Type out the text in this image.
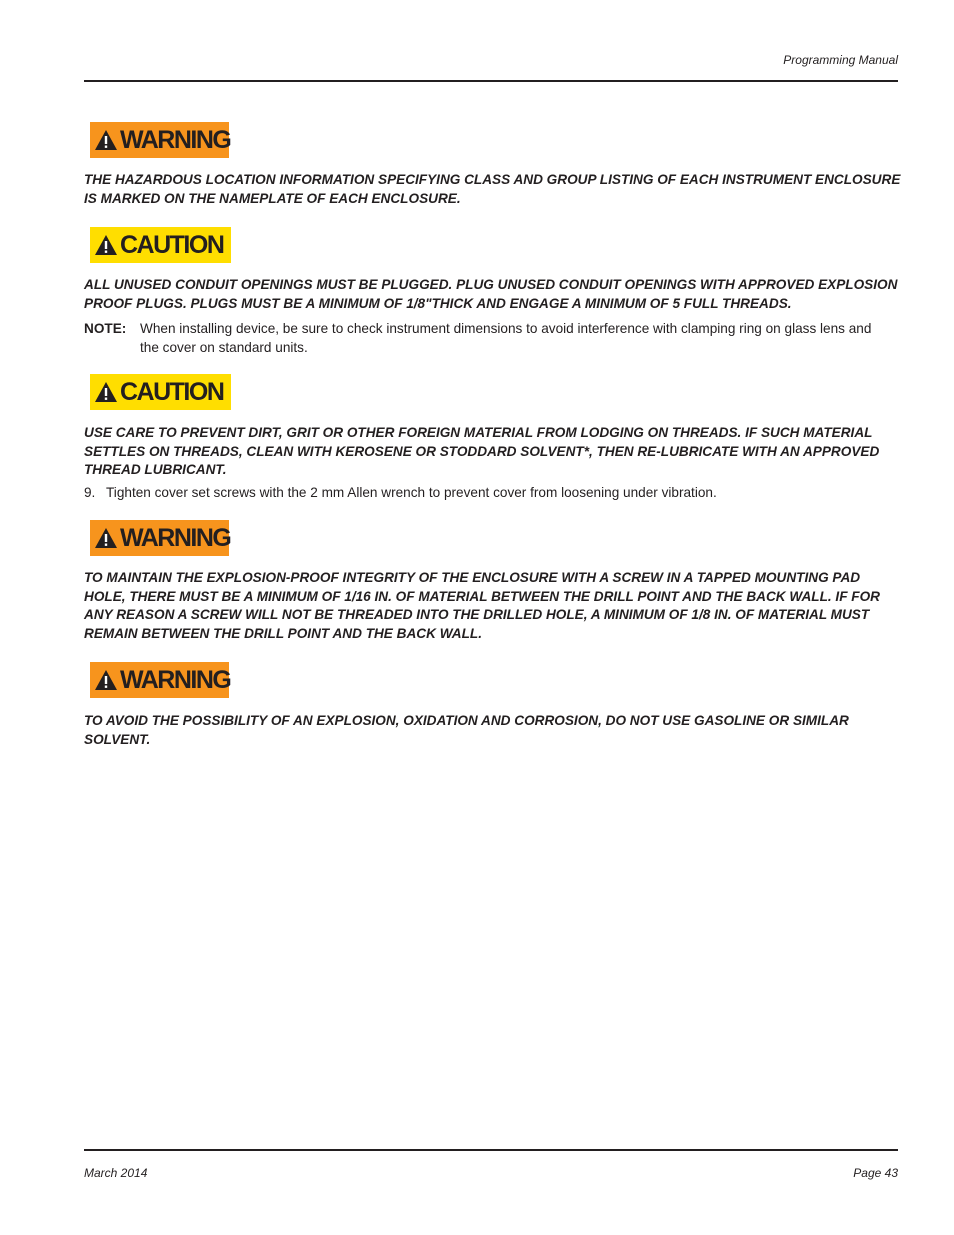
Programming Manual
WARNING
THE HAZARDOUS LOCATION INFORMATION SPECIFYING CLASS AND GROUP LISTING OF EACH INSTRUMENT ENCLOSURE IS MARKED ON THE NAMEPLATE OF EACH ENCLOSURE.
CAUTION
ALL UNUSED CONDUIT OPENINGS MUST BE PLUGGED. PLUG UNUSED CONDUIT OPENINGS WITH APPROVED EXPLOSION PROOF PLUGS. PLUGS MUST BE A MINIMUM OF 1/8"THICK AND ENGAGE A MINIMUM OF 5 FULL THREADS.
NOTE: When installing device, be sure to check instrument dimensions to avoid interference with clamping ring on glass lens and the cover on standard units.
CAUTION
USE CARE TO PREVENT DIRT, GRIT OR OTHER FOREIGN MATERIAL FROM LODGING ON THREADS. IF SUCH MATERIAL SETTLES ON THREADS, CLEAN WITH KEROSENE OR STODDARD SOLVENT*, THEN RE-LUBRICATE WITH AN APPROVED THREAD LUBRICANT.
9. Tighten cover set screws with the 2 mm Allen wrench to prevent cover from loosening under vibration.
WARNING
TO MAINTAIN THE EXPLOSION-PROOF INTEGRITY OF THE ENCLOSURE WITH A SCREW IN A TAPPED MOUNTING PAD HOLE, THERE MUST BE A MINIMUM OF 1/16 IN. OF MATERIAL BETWEEN THE DRILL POINT AND THE BACK WALL. IF FOR ANY REASON A SCREW WILL NOT BE THREADED INTO THE DRILLED HOLE, A MINIMUM OF 1/8 IN. OF MATERIAL MUST REMAIN BETWEEN THE DRILL POINT AND THE BACK WALL.
WARNING
TO AVOID THE POSSIBILITY OF AN EXPLOSION, OXIDATION AND CORROSION, DO NOT USE GASOLINE OR SIMILAR SOLVENT.
March 2014	Page 43
